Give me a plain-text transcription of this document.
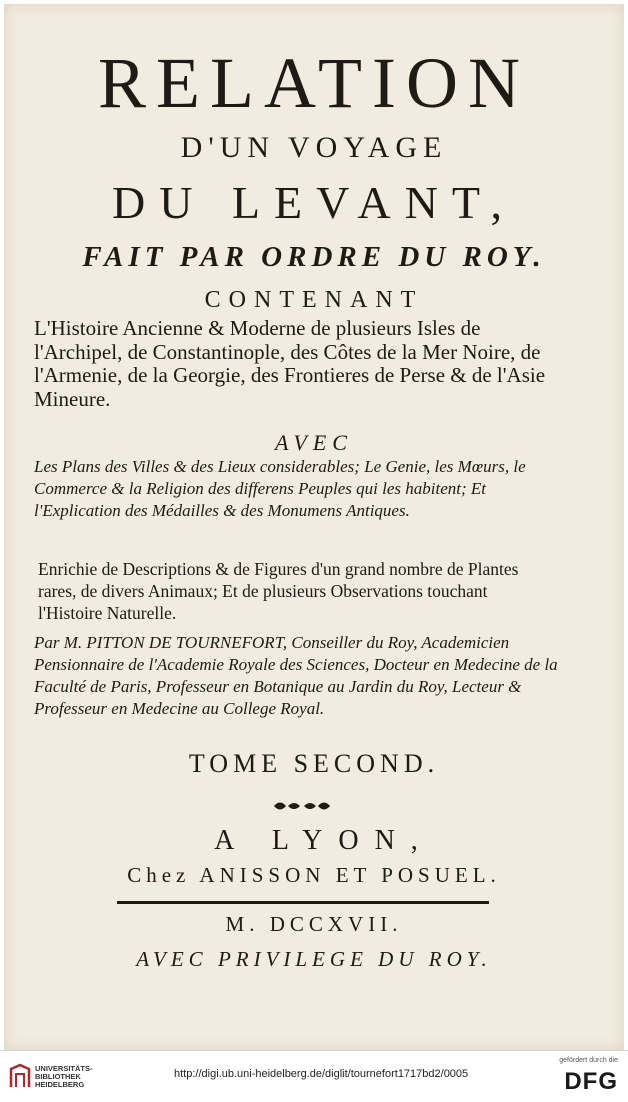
RELATION
D'UN VOYAGE
DU LEVANT,
FAIT PAR ORDRE DU ROY.
CONTENANT
L'Histoire Ancienne & Moderne de plusieurs Isles de l'Archipel, de Constantinople, des Côtes de la Mer Noire, de l'Armenie, de la Georgie, des Frontieres de Perse & de l'Asie Mineure.
AVEC
Les Plans des Villes & des Lieux considerables; Le Genie, les Mœurs, le Commerce & la Religion des differens Peuples qui les habitent; Et l'Explication des Médailles & des Monumens Antiques.
Enrichie de Descriptions & de Figures d'un grand nombre de Plantes rares, de divers Animaux; Et de plusieurs Observations touchant l'Histoire Naturelle.
Par M. PITTON DE TOURNEFORT, Conseiller du Roy, Academicien Pensionnaire de l'Academie Royale des Sciences, Docteur en Medecine de la Faculté de Paris, Professeur en Botanique au Jardin du Roy, Lecteur & Professeur en Medecine au College Royal.
TOME SECOND.
A LYON,
Chez ANISSON ET POSUEL.
M. DCCXVII.
AVEC PRIVILEGE DU ROY.
UNIVERSITÄTS-
BIBLIOTHEK
HEIDELBERG
http://digi.ub.uni-heidelberg.de/diglit/tournefort1717bd2/0005
gefördert durch die
DFG
